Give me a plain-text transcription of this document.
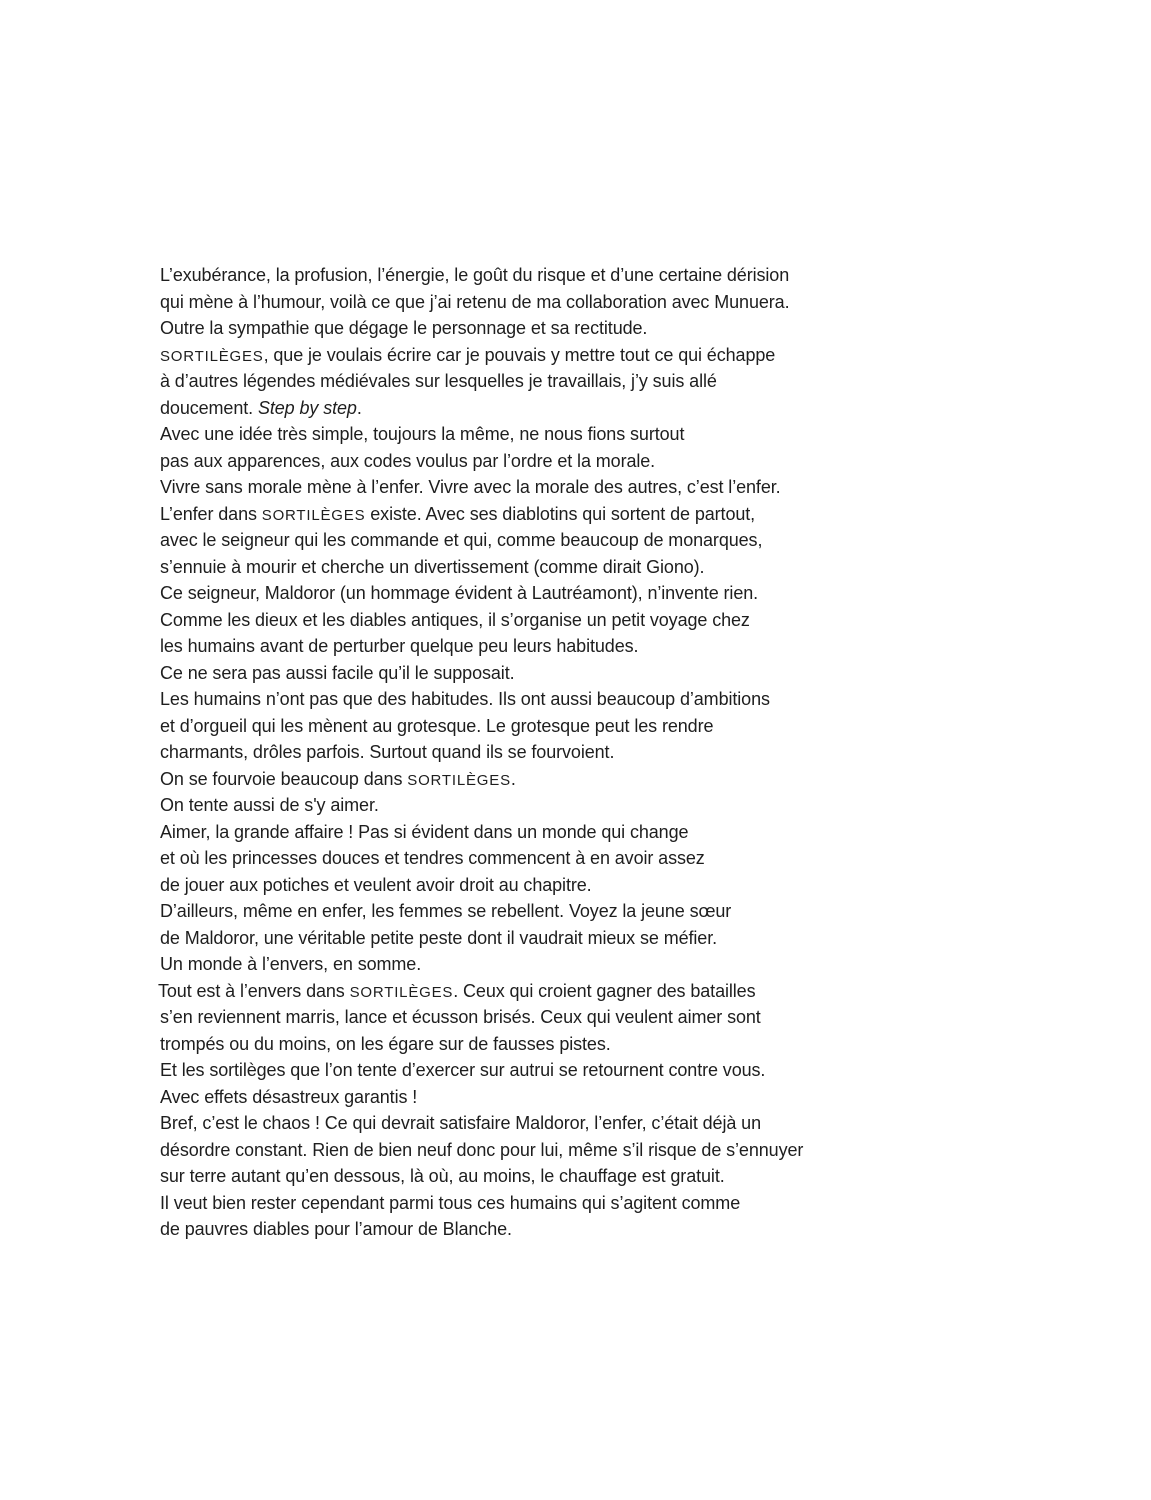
L’exubérance, la profusion, l’énergie, le goût du risque et d’une certaine dérision
qui mène à l’humour, voilà ce que j’ai retenu de ma collaboration avec Munuera.
Outre la sympathie que dégage le personnage et sa rectitude.
SORTILÈGES, que je voulais écrire car je pouvais y mettre tout ce qui échappe
à d’autres légendes médiévales sur lesquelles je travaillais, j’y suis allé
doucement. Step by step.
Avec une idée très simple, toujours la même, ne nous fions surtout
pas aux apparences, aux codes voulus par l’ordre et la morale.
Vivre sans morale mène à l’enfer. Vivre avec la morale des autres, c’est l’enfer.
L’enfer dans SORTILÈGES existe. Avec ses diablotins qui sortent de partout,
avec le seigneur qui les commande et qui, comme beaucoup de monarques,
s’ennuie à mourir et cherche un divertissement (comme dirait Giono).
Ce seigneur, Maldoror (un hommage évident à Lautréamont), n’invente rien.
Comme les dieux et les diables antiques, il s’organise un petit voyage chez
les humains avant de perturber quelque peu leurs habitudes.
Ce ne sera pas aussi facile qu’il le supposait.
Les humains n’ont pas que des habitudes. Ils ont aussi beaucoup d’ambitions
et d’orgueil qui les mènent au grotesque. Le grotesque peut les rendre
charmants, drôles parfois. Surtout quand ils se fourvoient.
On se fourvoie beaucoup dans SORTILÈGES.
On tente aussi de s'y aimer.
Aimer, la grande affaire ! Pas si évident dans un monde qui change
et où les princesses douces et tendres commencent à en avoir assez
de jouer aux potiches et veulent avoir droit au chapitre.
D’ailleurs, même en enfer, les femmes se rebellent. Voyez la jeune sœur
de Maldoror, une véritable petite peste dont il vaudrait mieux se méfier.
Un monde à l’envers, en somme.
Tout est à l’envers dans SORTILÈGES. Ceux qui croient gagner des batailles
s’en reviennent marris, lance et écusson brisés. Ceux qui veulent aimer sont
trompés ou du moins, on les égare sur de fausses pistes.
Et les sortilèges que l’on tente d’exercer sur autrui se retournent contre vous.
Avec effets désastreux garantis !
Bref, c’est le chaos ! Ce qui devrait satisfaire Maldoror, l’enfer, c’était déjà un
désordre constant. Rien de bien neuf donc pour lui, même s’il risque de s’ennuyer
sur terre autant qu’en dessous, là où, au moins, le chauffage est gratuit.
Il veut bien rester cependant parmi tous ces humains qui s’agitent comme
de pauvres diables pour l’amour de Blanche.
